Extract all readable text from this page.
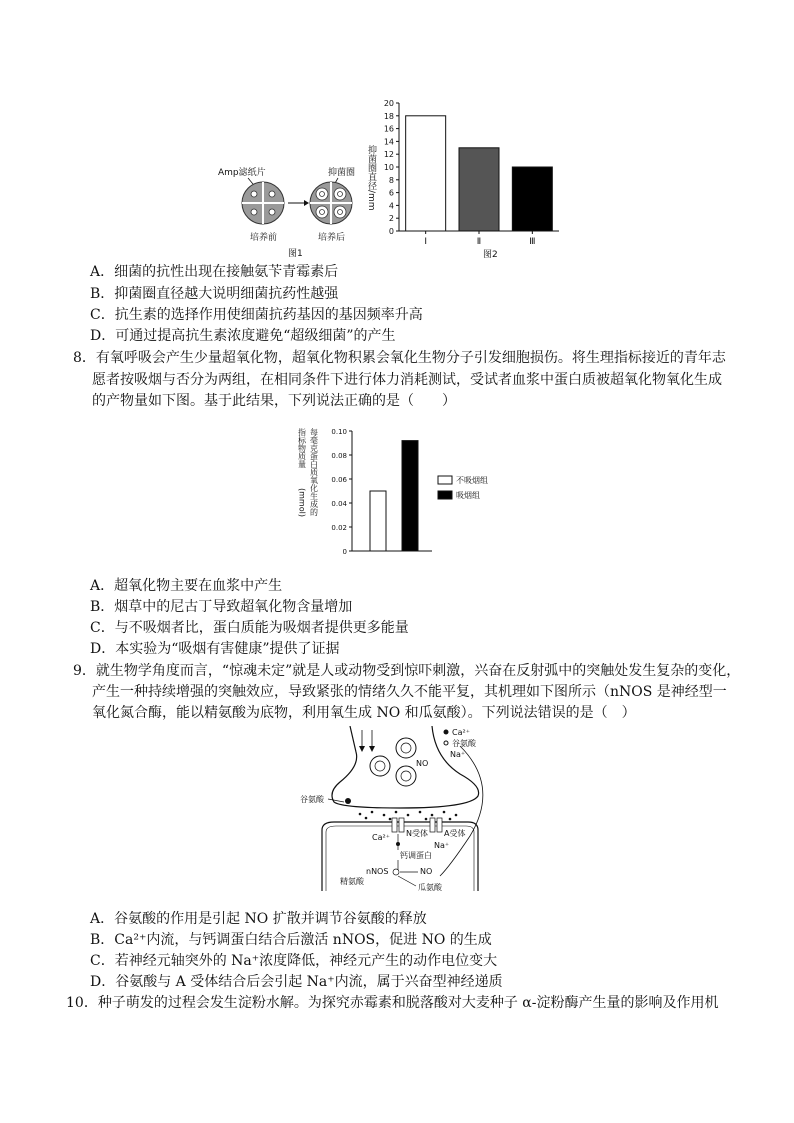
Amp滤纸片	抑菌圈
培养前	培养后
图1
0
2
4
6
8
10
12
14
16
18
20
Ⅰ	Ⅱ	Ⅲ
抑菌圈直径/mm
图2
A．细菌的抗性出现在接触氨苄青霉素后
B．抑菌圈直径越大说明细菌抗药性越强
C．抗生素的选择作用使细菌抗药基因的基因频率升高
D．可通过提高抗生素浓度避免“超级细菌”的产生
8．有氧呼吸会产生少量超氧化物，超氧化物积累会氧化生物分子引发细胞损伤。将生理指标接近的青年志
愿者按吸烟与否分为两组，在相同条件下进行体力消耗测试，受试者血浆中蛋白质被超氧化物氧化生成
的产物量如下图。基于此结果，下列说法正确的是（　　）
指标物质量 每毫克蛋白质氧化生成的
(mmol)
0
0.02
0.04
0.06
0.08
0.10
不吸烟组
吸烟组
A．超氧化物主要在血浆中产生
B．烟草中的尼古丁导致超氧化物含量增加
C．与不吸烟者比，蛋白质能为吸烟者提供更多能量
D．本实验为“吸烟有害健康”提供了证据
9．就生物学角度而言，“惊魂未定”就是人或动物受到惊吓刺激，兴奋在反射弧中的突触处发生复杂的变化，
产生一种持续增强的突触效应，导致紧张的情绪久久不能平复，其机理如下图所示（nNOS 是神经型一
氧化氮合酶，能以精氨酸为底物，利用氧生成 NO 和瓜氨酸）。下列说法错误的是（　）
NO
Ca²⁺
谷氨酸
Na⁺
谷氨酸
Ca²⁺ N受体 A受体
Na⁺
钙调蛋白
nNOS	NO
精氨酸
瓜氨酸
A．谷氨酸的作用是引起 NO 扩散并调节谷氨酸的释放
B．Ca²⁺内流，与钙调蛋白结合后激活 nNOS，促进 NO 的生成
C．若神经元轴突外的 Na⁺浓度降低，神经元产生的动作电位变大
D．谷氨酸与 A 受体结合后会引起 Na⁺内流，属于兴奋型神经递质
10．种子萌发的过程会发生淀粉水解。为探究赤霉素和脱落酸对大麦种子 α-淀粉酶产生量的影响及作用机
